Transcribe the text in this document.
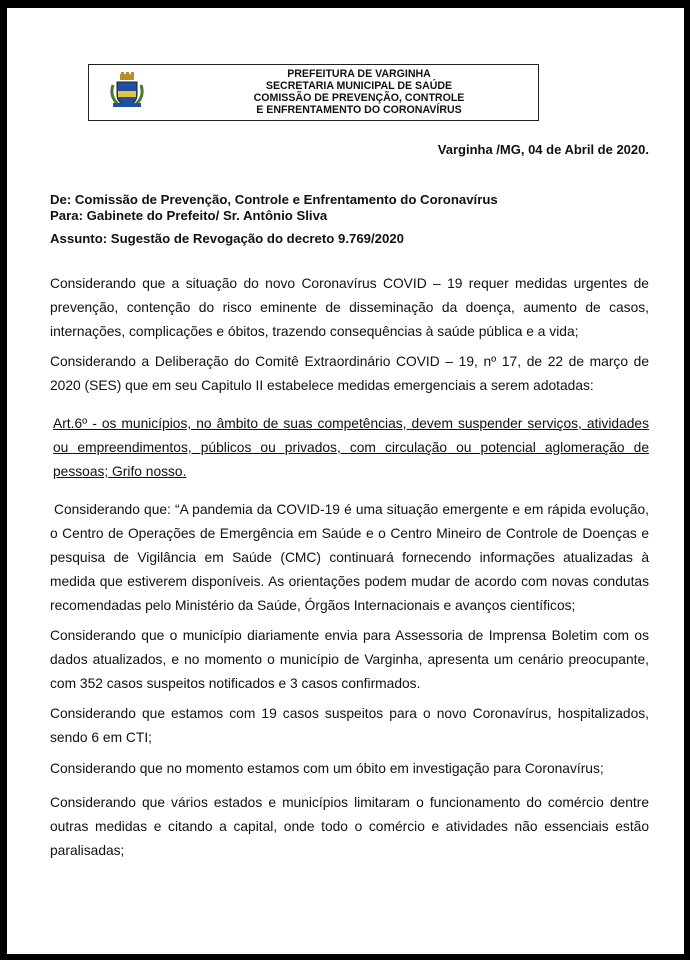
PREFEITURA DE VARGINHA
SECRETARIA MUNICIPAL DE SAÚDE
COMISSÃO DE PREVENÇÃO, CONTROLE
E ENFRENTAMENTO DO CORONAVÍRUS
Varginha /MG, 04 de Abril de 2020.
De: Comissão de Prevenção, Controle e Enfrentamento do Coronavírus
Para: Gabinete do Prefeito/ Sr. Antônio Sliva
Assunto: Sugestão de Revogação do decreto 9.769/2020
Considerando que a situação do novo Coronavírus COVID – 19 requer medidas urgentes de prevenção, contenção do risco eminente de disseminação da doença, aumento de casos, internações, complicações e óbitos, trazendo consequências à saúde pública e a vida;
Considerando a Deliberação do Comitê Extraordinário COVID – 19, nº 17, de 22 de março de 2020 (SES) que em seu Capitulo II estabelece medidas emergenciais a serem adotadas:
Art.6º - os municípios, no âmbito de suas competências, devem suspender serviços, atividades ou empreendimentos, públicos ou privados, com circulação ou potencial aglomeração de pessoas; Grifo nosso.
Considerando que: “A pandemia da COVID-19 é uma situação emergente e em rápida evolução, o Centro de Operações de Emergência em Saúde e o Centro Mineiro de Controle de Doenças e pesquisa de Vigilância em Saúde (CMC) continuará fornecendo informações atualizadas à medida que estiverem disponíveis. As orientações podem mudar de acordo com novas condutas recomendadas pelo Ministério da Saúde, Órgãos Internacionais e avanços científicos;
Considerando que o município diariamente envia para Assessoria de Imprensa Boletim com os dados atualizados, e no momento o município de Varginha, apresenta um cenário preocupante, com 352 casos suspeitos notificados e 3 casos confirmados.
Considerando que estamos com 19 casos suspeitos para o novo Coronavírus, hospitalizados, sendo 6 em CTI;
Considerando que no momento estamos com um óbito em investigação para Coronavírus;
Considerando que vários estados e municípios limitaram o funcionamento do comércio dentre outras medidas e citando a capital, onde todo o comércio e atividades não essenciais estão paralisadas;
